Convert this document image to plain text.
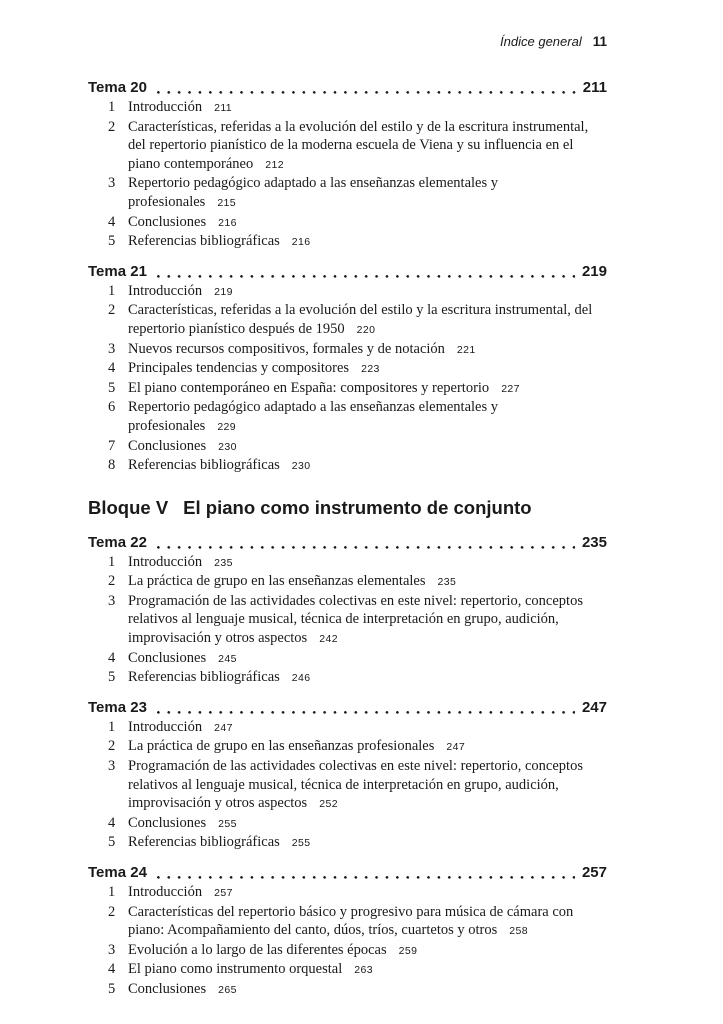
Índice general 11
Tema 20	211
1 Introducción 211
2 Características, referidas a la evolución del estilo y de la escritura instrumental, del repertorio pianístico de la moderna escuela de Viena y su influencia en el piano contemporáneo 212
3 Repertorio pedagógico adaptado a las enseñanzas elementales y profesionales 215
4 Conclusiones 216
5 Referencias bibliográficas 216
Tema 21	219
1 Introducción 219
2 Características, referidas a la evolución del estilo y la escritura instrumental, del repertorio pianístico después de 1950 220
3 Nuevos recursos compositivos, formales y de notación 221
4 Principales tendencias y compositores 223
5 El piano contemporáneo en España: compositores y repertorio 227
6 Repertorio pedagógico adaptado a las enseñanzas elementales y profesionales 229
7 Conclusiones 230
8 Referencias bibliográficas 230
Bloque V El piano como instrumento de conjunto
Tema 22	235
1 Introducción 235
2 La práctica de grupo en las enseñanzas elementales 235
3 Programación de las actividades colectivas en este nivel: repertorio, conceptos relativos al lenguaje musical, técnica de interpretación en grupo, audición, improvisación y otros aspectos 242
4 Conclusiones 245
5 Referencias bibliográficas 246
Tema 23	247
1 Introducción 247
2 La práctica de grupo en las enseñanzas profesionales 247
3 Programación de las actividades colectivas en este nivel: repertorio, conceptos relativos al lenguaje musical, técnica de interpretación en grupo, audición, improvisación y otros aspectos 252
4 Conclusiones 255
5 Referencias bibliográficas 255
Tema 24	257
1 Introducción 257
2 Características del repertorio básico y progresivo para música de cámara con piano: Acompañamiento del canto, dúos, tríos, cuartetos y otros 258
3 Evolución a lo largo de las diferentes épocas 259
4 El piano como instrumento orquestal 263
5 Conclusiones 265
